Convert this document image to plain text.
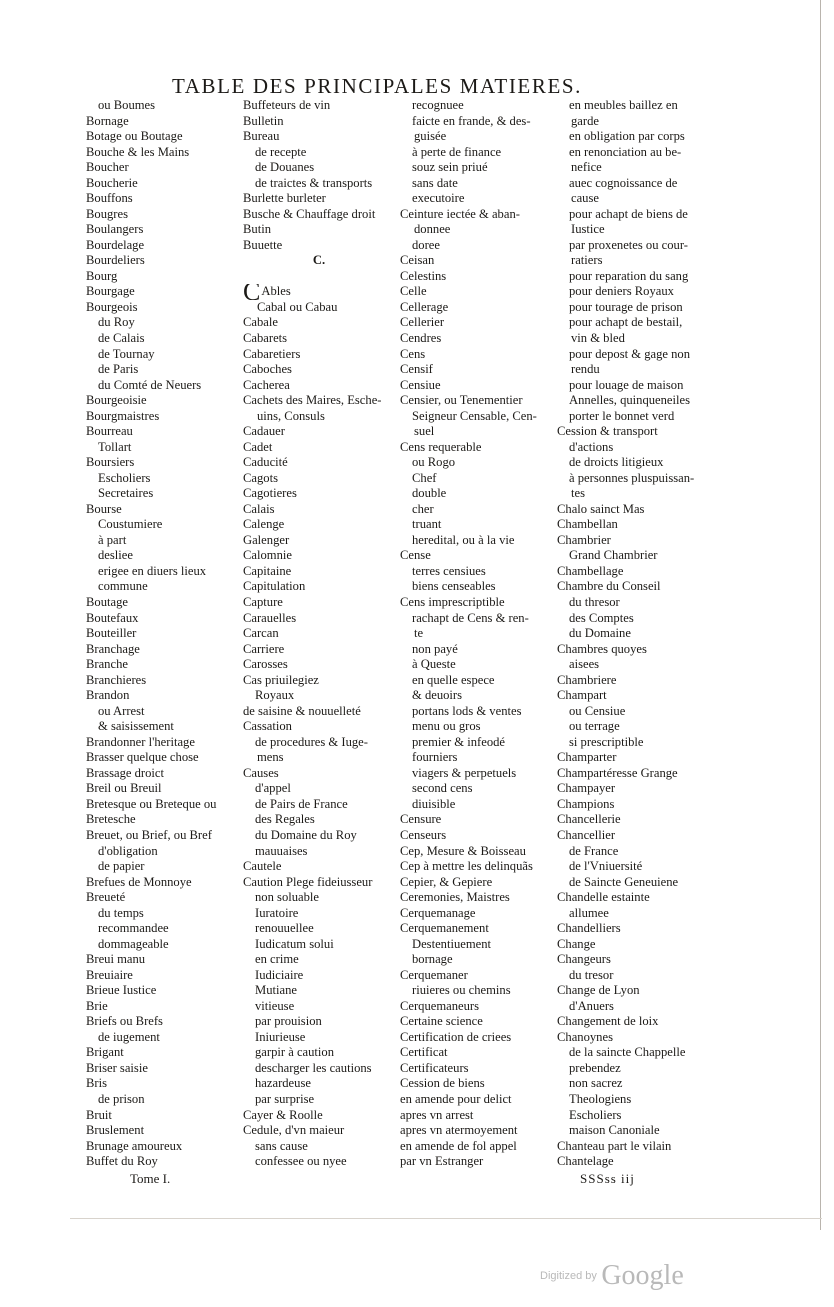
TABLE DES PRINCIPALES MATIERES.
ou Boumes
Bornage
Botage ou Boutage
Bouche & les Mains
Boucher
Boucherie
Bouffons
Bougres
Boulangers
Bourdelage
Bourdeliers
Bourg
Bourgage
Bourgeois
du Roy
de Calais
de Tournay
de Paris
du Comté de Neuers
Bourgeoisie
Bourgmaistres
Bourreau
Tollart
Boursiers
Escholiers
Secretaires
Bourse
Coustumiere
à part
desliee
erigee en diuers lieux
commune
Boutage
Boutefaux
Bouteiller
Branchage
Branche
Branchieres
Brandon
ou Arrest
& saisissement
Brandonner l'heritage
Brasser quelque chose
Brassage droict
Breil ou Breuil
Bretesque ou Breteque ou
Bretesche
Breuet, ou Brief, ou Bref
d'obligation
de papier
Brefues de Monnoye
Breueté
du temps
recommandee
dommageable
Breui manu
Breuiaire
Brieue Iustice
Brie
Briefs ou Brefs
de iugement
Brigant
Briser saisie
Bris
de prison
Bruit
Bruslement
Brunage amoureux
Buffet du Roy
Buffeteurs de vin
Bulletin
Bureau
de recepte
de Douanes
de traictes & transports
Burlette burleter
Busche & Chauffage droit
Butin
Buuette
C.
CAbles
Cabal ou Cabau
Cabale
Cabarets
Cabaretiers
Caboches
Cacherea
Cachets des Maires, Esche-
uins, Consuls
Cadauer
Cadet
Caducité
Cagots
Cagotieres
Calais
Calenge
Galenger
Calomnie
Capitaine
Capitulation
Capture
Carauelles
Carcan
Carriere
Carosses
Cas priuilegiez
Royaux
de saisine & nouuelleté
Cassation
de procedures & Iuge-
mens
Causes
d'appel
de Pairs de France
des Regales
du Domaine du Roy
mauuaises
Cautele
Caution Plege fideiusseur
non soluable
Iuratoire
renouuellee
Iudicatum solui
en crime
Iudiciaire
Mutiane
vitieuse
par prouision
Iniurieuse
garpir à caution
descharger les cautions
hazardeuse
par surprise
Cayer & Roolle
Cedule, d'vn maieur
sans cause
confessee ou nyee
recognuee
faicte en frande, & des-
guisée
à perte de finance
souz sein priué
sans date
executoire
Ceinture iectée & aban-
donnee
doree
Ceisan
Celestins
Celle
Cellerage
Cellerier
Cendres
Cens
Censif
Censiue
Censier, ou Tenementier
Seigneur Censable, Cen-
suel
Cens requerable
ou Rogo
Chef
double
cher
truant
heredital, ou à la vie
Cense
terres censiues
biens censeables
Cens imprescriptible
rachapt de Cens & ren-
te
non payé
à Queste
en quelle espece
& deuoirs
portans lods & ventes
menu ou gros
premier & infeodé
fourniers
viagers & perpetuels
second cens
diuisible
Censure
Censeurs
Cep, Mesure & Boisseau
Cep à mettre les delinquãs
Cepier, & Gepiere
Ceremonies, Maistres
Cerquemanage
Cerquemanement
Destentiuement
bornage
Cerquemaner
riuieres ou chemins
Cerquemaneurs
Certaine science
Certification de criees
Certificat
Certificateurs
Cession de biens
en amende pour delict
apres vn arrest
apres vn atermoyement
en amende de fol appel
par vn Estranger
en meubles baillez en
garde
en obligation par corps
en renonciation au be-
nefice
auec cognoissance de
cause
pour achapt de biens de
Iustice
par proxenetes ou cour-
ratiers
pour reparation du sang
pour deniers Royaux
pour tourage de prison
pour achapt de bestail,
vin & bled
pour depost & gage non
rendu
pour louage de maison
Annelles, quinqueneiles
porter le bonnet verd
Cession & transport
d'actions
de droicts litigieux
à personnes pluspuissan-
tes
Chalo sainct Mas
Chambellan
Chambrier
Grand Chambrier
Chambellage
Chambre du Conseil
du thresor
des Comptes
du Domaine
Chambres quoyes
aisees
Chambriere
Champart
ou Censiue
ou terrage
si prescriptible
Champarter
Champartéresse Grange
Champayer
Champions
Chancellerie
Chancellier
de France
de l'Vniuersité
de Saincte Geneuiene
Chandelle estainte
allumee
Chandelliers
Change
Changeurs
du tresor
Change de Lyon
d'Anuers
Changement de loix
Chanoynes
de la saincte Chappelle
prebendez
non sacrez
Theologiens
Escholiers
maison Canoniale
Chanteau part le vilain
Chantelage
Tome I.	SSSss iij
Digitized by Google
